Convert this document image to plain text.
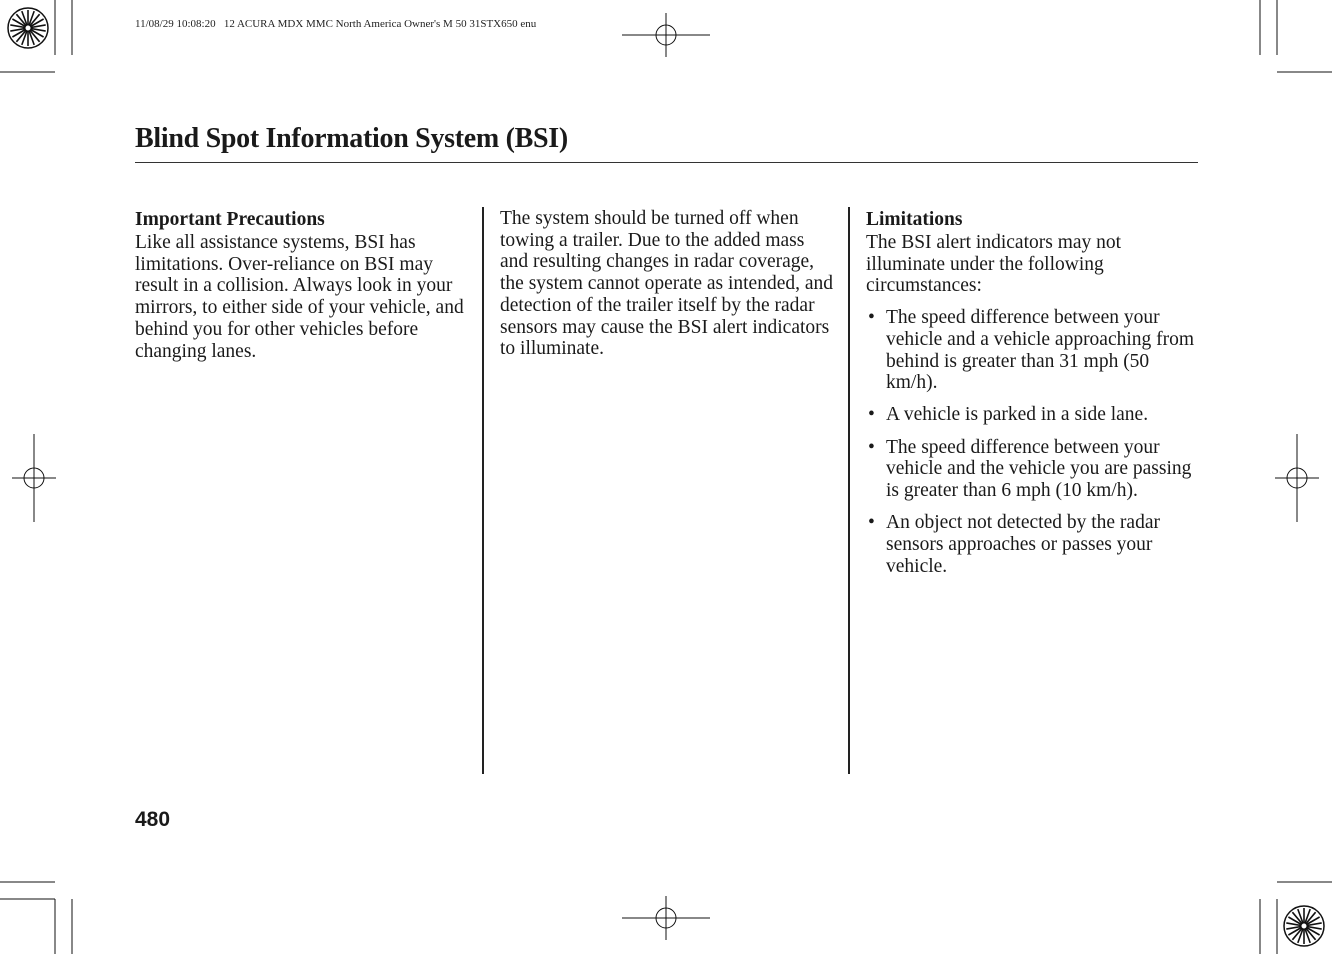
11/08/29 10:08:20   12 ACURA MDX MMC North America Owner's M 50 31STX650 enu
Blind Spot Information System (BSI)
Important Precautions

Like all assistance systems, BSI has limitations. Over-reliance on BSI may result in a collision. Always look in your mirrors, to either side of your vehicle, and behind you for other vehicles before changing lanes.

The system should be turned off when towing a trailer. Due to the added mass and resulting changes in radar coverage, the system cannot operate as intended, and detection of the trailer itself by the radar sensors may cause the BSI alert indicators to illuminate.

Limitations

The BSI alert indicators may not illuminate under the following circumstances:

• The speed difference between your vehicle and a vehicle approaching from behind is greater than 31 mph (50 km/h).
• A vehicle is parked in a side lane.
• The speed difference between your vehicle and the vehicle you are passing is greater than 6 mph (10 km/h).
• An object not detected by the radar sensors approaches or passes your vehicle.
480
